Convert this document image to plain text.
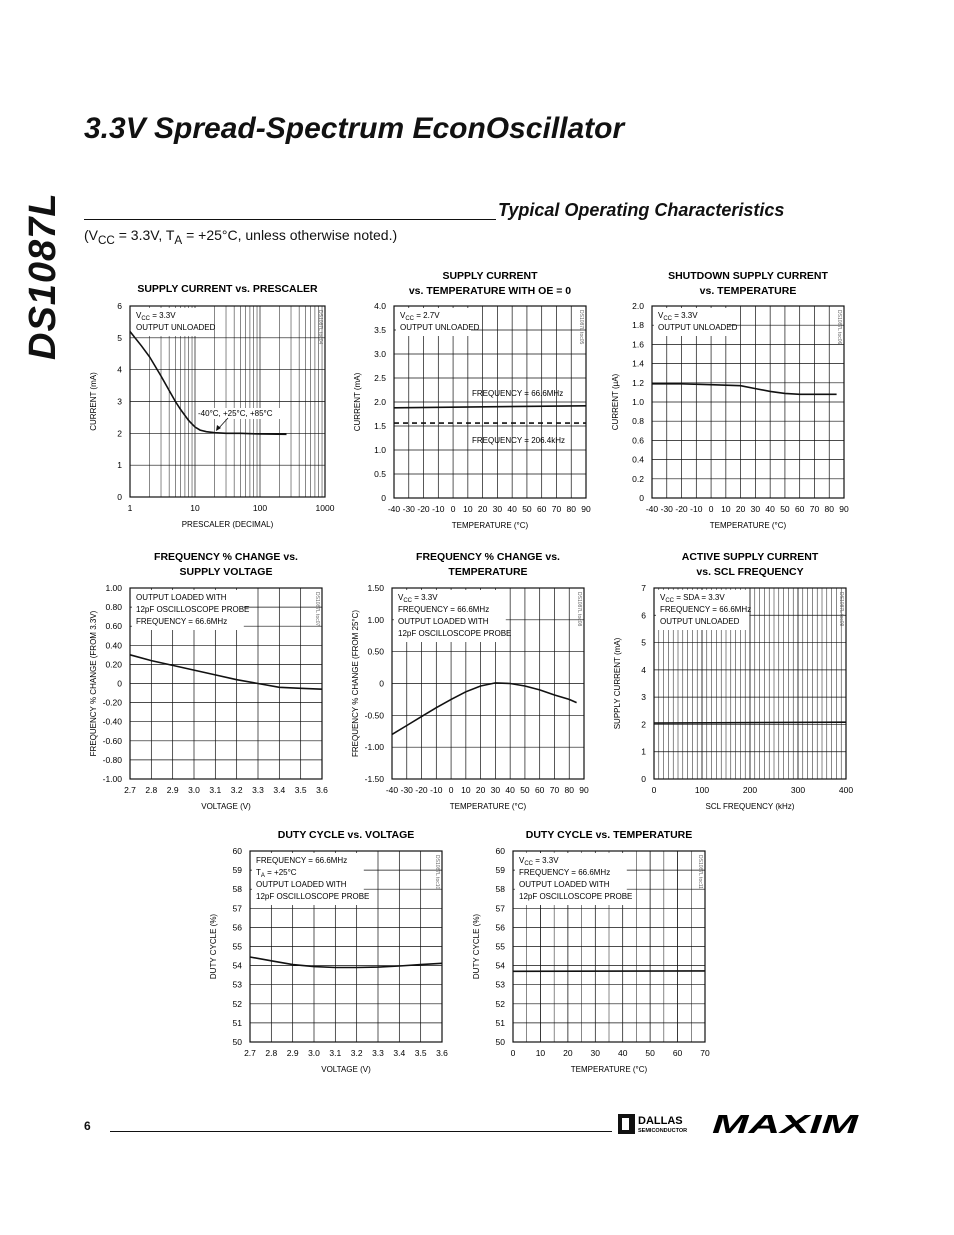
DS1087L
3.3V Spread-Spectrum EconOscillator
Typical Operating Characteristics
($V_{CC} = 3.3V$, $T_A = +25^\circ C$, unless otherwise noted.)
SUPPLY CURRENT vs. PRESCALER
1	10	100	1000
0
1
2
3
4
5
6
$V_{CC} = 3.3V$
OUTPUT UNLOADED	DS1087L toc04
-40°C, +25°C, +85°C
PRESCALER (DECIMAL)
CURRENT (mA)
SUPPLY CURRENT
vs. TEMPERATURE WITH OE = 0
-40 -30 -20 -10 0 10 20 30 40 50 60 70 80 90
0
0.5
1.0
1.5
2.0
2.5
3.0
3.5
4.0
$V_{CC} = 2.7V$
OUTPUT UNLOADED	DS1087L toc05
FREQUENCY = 66.6MHz
FREQUENCY = 206.4kHz
TEMPERATURE (°C)
CURRENT (mA)
SHUTDOWN SUPPLY CURRENT
vs. TEMPERATURE
-40 -30 -20 -10 0 10 20 30 40 50 60 70 80 90
0
0.2
0.4
0.6
0.8
1.0
1.2
1.4
1.6
1.8
2.0
$V_{CC} = 3.3V$
OUTPUT UNLOADED	DS1087L toc06
TEMPERATURE (°C)
CURRENT (µA)
FREQUENCY % CHANGE vs.
SUPPLY VOLTAGE
2.7 2.8 2.9 3.0 3.1 3.2 3.3 3.4 3.5 3.6
-1.00
-0.80
-0.60
-0.40
-0.20
0
0.20
0.40
0.60
0.80
1.00
OUTPUT LOADED WITH
12pF OSCILLOSCOPE PROBE
FREQUENCY = 66.6MHz	DS1087L toc07
VOLTAGE (V)
FREQUENCY % CHANGE (FROM 3.3V)
FREQUENCY % CHANGE vs.
TEMPERATURE
-40 -30 -20 -10 0 10 20 30 40 50 60 70 80 90
-1.50
-1.00
-0.50
0
0.50
1.00
1.50
$V_{CC} = 3.3V$
FREQUENCY = 66.6MHz
OUTPUT LOADED WITH
12pF OSCILLOSCOPE PROBE
DS1087L toc08
TEMPERATURE (°C)
FREQUENCY % CHANGE (FROM 25°C)
ACTIVE SUPPLY CURRENT
vs. SCL FREQUENCY
0	100	200	300	400
0
1
2
3
4
5
6
7
$V_{CC}$ = SDA = 3.3V
FREQUENCY = 66.6MHz
OUTPUT UNLOADED	DS1087L toc09
SCL FREQUENCY (kHz)
SUPPLY CURRENT (mA)
DUTY CYCLE vs. VOLTAGE
2.7 2.8 2.9 3.0 3.1 3.2 3.3 3.4 3.5 3.6
50
51
52
53
54
55
56
57
58
59
60
FREQUENCY = 66.6MHz
$T_A = +25^\circ C$
OUTPUT LOADED WITH
12pF OSCILLOSCOPE PROBE
DS1087L toc10
VOLTAGE (V)
DUTY CYCLE (%)
DUTY CYCLE vs. TEMPERATURE
0 10 20 30 40 50 60 70
50
51
52
53
54
55
56
57
58
59
60
$V_{CC} = 3.3V$
FREQUENCY = 66.6MHz
OUTPUT LOADED WITH
12pF OSCILLOSCOPE PROBE
DS1087L toc11
TEMPERATURE (°C)
DUTY CYCLE (%)
6	DALLAS
SEMICONDUCTOR MAXIM
